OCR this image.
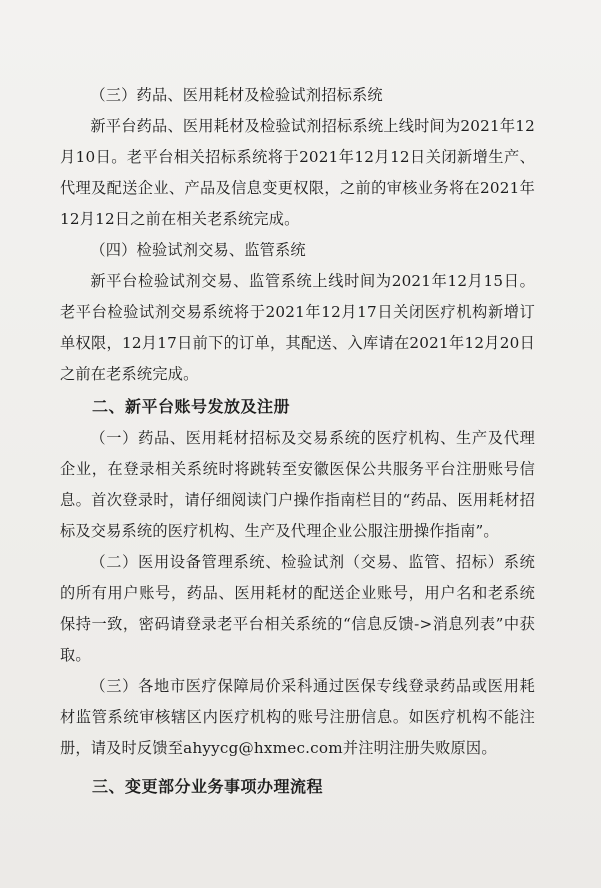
（三）药品、医用耗材及检验试剂招标系统

新平台药品、医用耗材及检验试剂招标系统上线时间为2021年12月10日。老平台相关招标系统将于2021年12月12日关闭新增生产、代理及配送企业、产品及信息变更权限，之前的审核业务将在2021年12月12日之前在相关老系统完成。

（四）检验试剂交易、监管系统

新平台检验试剂交易、监管系统上线时间为2021年12月15日。老平台检验试剂交易系统将于2021年12月17日关闭医疗机构新增订单权限，12月17日前下的订单，其配送、入库请在2021年12月20日之前在老系统完成。

二、新平台账号发放及注册

（一）药品、医用耗材招标及交易系统的医疗机构、生产及代理企业，在登录相关系统时将跳转至安徽医保公共服务平台注册账号信息。首次登录时，请仔细阅读门户操作指南栏目的“药品、医用耗材招标及交易系统的医疗机构、生产及代理企业公服注册操作指南”。

（二）医用设备管理系统、检验试剂（交易、监管、招标）系统的所有用户账号，药品、医用耗材的配送企业账号，用户名和老系统保持一致，密码请登录老平台相关系统的“信息反馈->消息列表”中获取。

（三）各地市医疗保障局价采科通过医保专线登录药品或医用耗材监管系统审核辖区内医疗机构的账号注册信息。如医疗机构不能注册，请及时反馈至ahyycg@hxmec.com并注明注册失败原因。

三、变更部分业务事项办理流程
